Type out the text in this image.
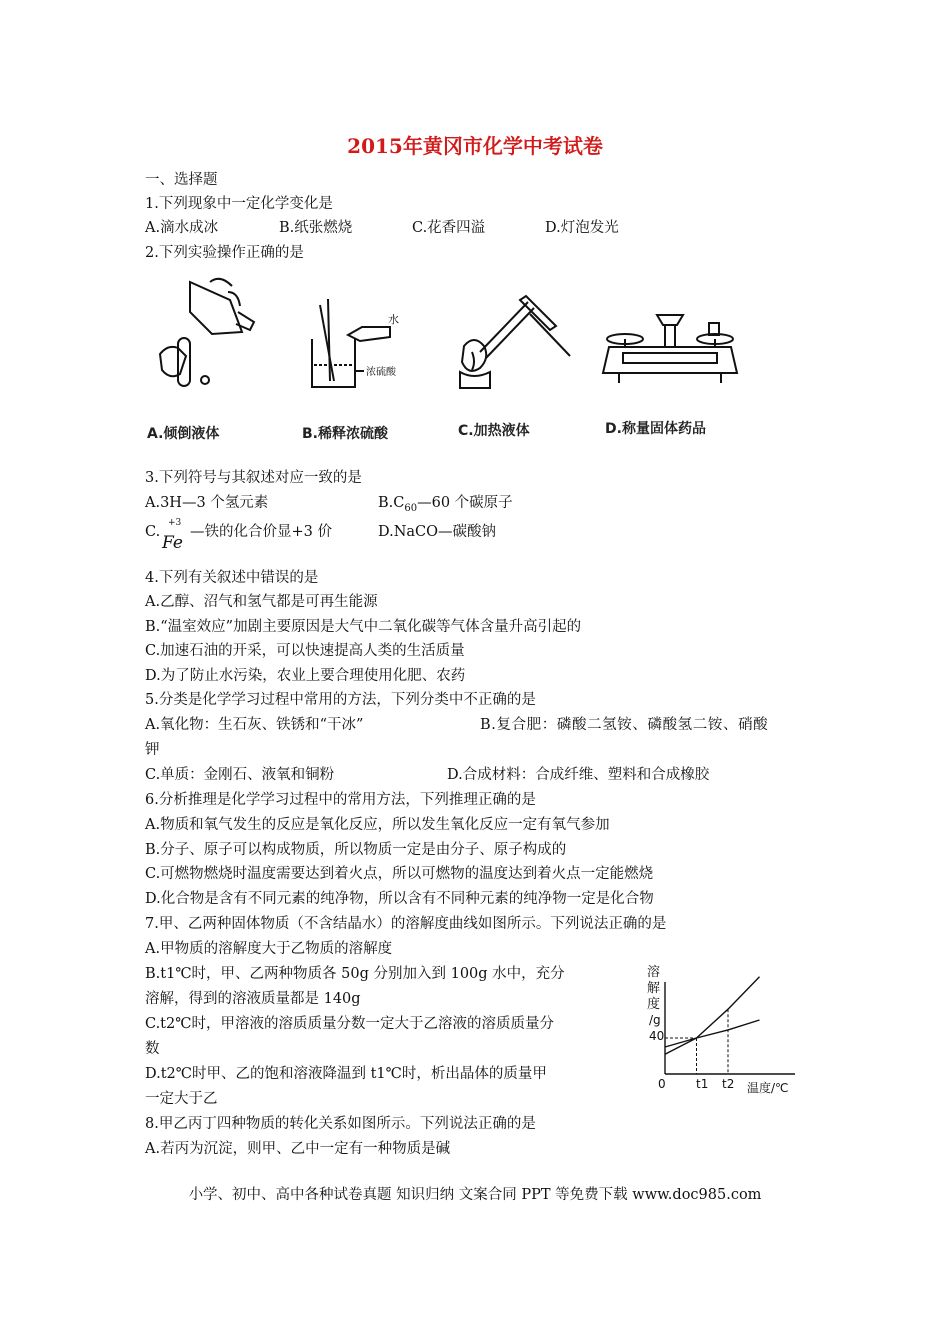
2015年黄冈市化学中考试卷
一、选择题
1.下列现象中一定化学变化是
A.滴水成冰	B.纸张燃烧	C.花香四溢	D.灯泡发光
2.下列实验操作正确的是
水
浓硫酸
A.倾倒液体	B.稀释浓硫酸	C.加热液体	D.称量固体药品
3.下列符号与其叙述对应一致的是
A.3H—3 个氢元素	$B.C_{60}—60$ 个碳原子
C.
+3
Fe
—铁的化合价显+3 价	D.NaCO—碳酸钠
4.下列有关叙述中错误的是
A.乙醇、沼气和氢气都是可再生能源
B.“温室效应”加剧主要原因是大气中二氧化碳等气体含量升高引起的
C.加速石油的开采，可以快速提高人类的生活质量
D.为了防止水污染，农业上要合理使用化肥、农药
5.分类是化学学习过程中常用的方法，下列分类中不正确的是
A.氧化物：生石灰、铁锈和“干冰”	B.复合肥：磷酸二氢铵、磷酸氢二铵、硝酸
钾
C.单质：金刚石、液氧和铜粉	D.合成材料：合成纤维、塑料和合成橡胶
6.分析推理是化学学习过程中的常用方法，下列推理正确的是
A.物质和氧气发生的反应是氧化反应，所以发生氧化反应一定有氧气参加
B.分子、原子可以构成物质，所以物质一定是由分子、原子构成的
C.可燃物燃烧时温度需要达到着火点，所以可燃物的温度达到着火点一定能燃烧
D.化合物是含有不同元素的纯净物，所以含有不同种元素的纯净物一定是化合物
7.甲、乙两种固体物质（不含结晶水）的溶解度曲线如图所示。下列说法正确的是
A.甲物质的溶解度大于乙物质的溶解度
B.t1℃时，甲、乙两种物质各 50g 分别加入到 100g 水中，充分
溶解，得到的溶液质量都是 140g
C.t2℃时，甲溶液的溶质质量分数一定大于乙溶液的溶质质量分
数
D.t2℃时甲、乙的饱和溶液降温到 t1℃时，析出晶体的质量甲
一定大于乙
溶
解
度
/g
40
0	t1 t2 温度/℃
8.甲乙丙丁四种物质的转化关系如图所示。下列说法正确的是
A.若丙为沉淀，则甲、乙中一定有一种物质是碱
小学、初中、高中各种试卷真题 知识归纳 文案合同 PPT 等免费下载 www.doc985.com
